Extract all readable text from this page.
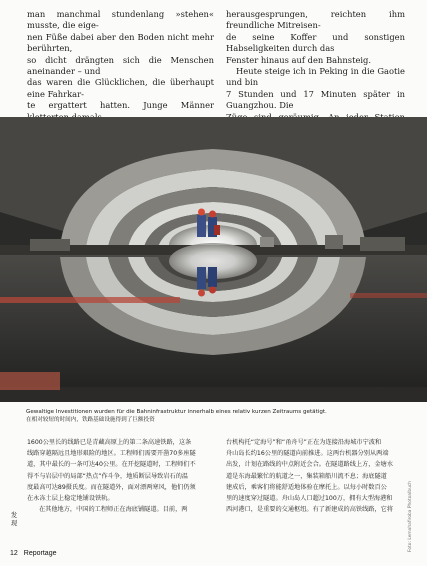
man manchmal stundenlang »stehen« musste, die eige-

nen Füße dabei aber den Boden nicht mehr berührten,

so dicht drängten sich die Menschen aneinander – und

das waren die Glücklichen, die überhaupt eine Fahrkar-

te ergattert hatten. Junge Männer

herausgesprungen, reichten ihm freundliche Mitreisen-

de seine Koffer und sonstigen Habseligkeiten durch das

Fenster hinaus auf den Bahnsteig.

Heute steige ich in Peking in die Gaotie und bin

7 Stunden und 17 Minuten später in Guangzhou. Die

Gewaltige Investitionen wurden für die Bahninfrastruktur innerhalb eines relativ kurzen Zeitraums getätigt.
在相对较短的时间内，铁路基础设施得到了巨额投资

1600公里长的线路已是青藏高原上的第二条高速铁路，这条

线路穿越隔远且地形艰险的地区。工程师们需要开凿70多座隧

道，其中最长的一条可达40公里。在开挖隧道时，工程师们不

得不与岩层中的局部“热点”作斗争，地质断层导致岩石的温

度最高可达89摄氏度。而在隧道外，面对漂两寒风，他们仍须

在永冻土层上稳定地铺设铁轨。

在其他地方，中国的工程师正在海底铺隧道。目前，两

台机构托“定海号”和“甬舟号”正在为连接沿海城市宁波和

舟山岛长约16公里的隧道向前推进。这两台机器分别从两端

出发，计划在路线的中点附近会合。在隧道路线上方，金塘水

道是东海最繁忙的航道之一，集装箱船川流不息；海底隧道

建成后，乘客们将能舒适地体验在摩托上。以每小时数百公

里的速度穿过隧道。舟山岛人口超过100万，拥有大型海港和

西河港口，是重要的交通枢纽。有了新建成的高铁线路，它将	Foto: Lemahafiroba Photoalbuch
发
现
12 Reportage
